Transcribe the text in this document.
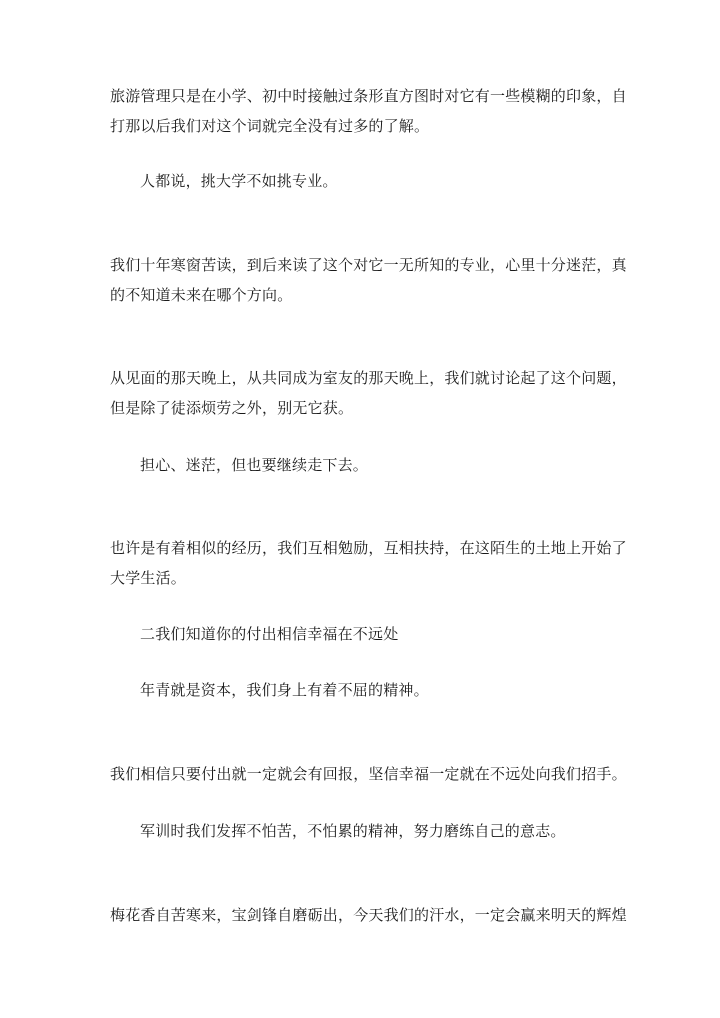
旅游管理只是在小学、初中时接触过条形直方图时对它有一些模糊的印象，自
打那以后我们对这个词就完全没有过多的了解。
人都说，挑大学不如挑专业。
我们十年寒窗苦读，到后来读了这个对它一无所知的专业，心里十分迷茫，真
的不知道未来在哪个方向。
从见面的那天晚上，从共同成为室友的那天晚上，我们就讨论起了这个问题，
但是除了徒添烦劳之外，别无它获。
担心、迷茫，但也要继续走下去。
也许是有着相似的经历，我们互相勉励，互相扶持，在这陌生的土地上开始了
大学生活。
二我们知道你的付出相信幸福在不远处
年青就是资本，我们身上有着不屈的精神。
我们相信只要付出就一定就会有回报，坚信幸福一定就在不远处向我们招手。
军训时我们发挥不怕苦，不怕累的精神，努力磨练自己的意志。
梅花香自苦寒来，宝剑锋自磨砺出，今天我们的汗水，一定会赢来明天的辉煌
